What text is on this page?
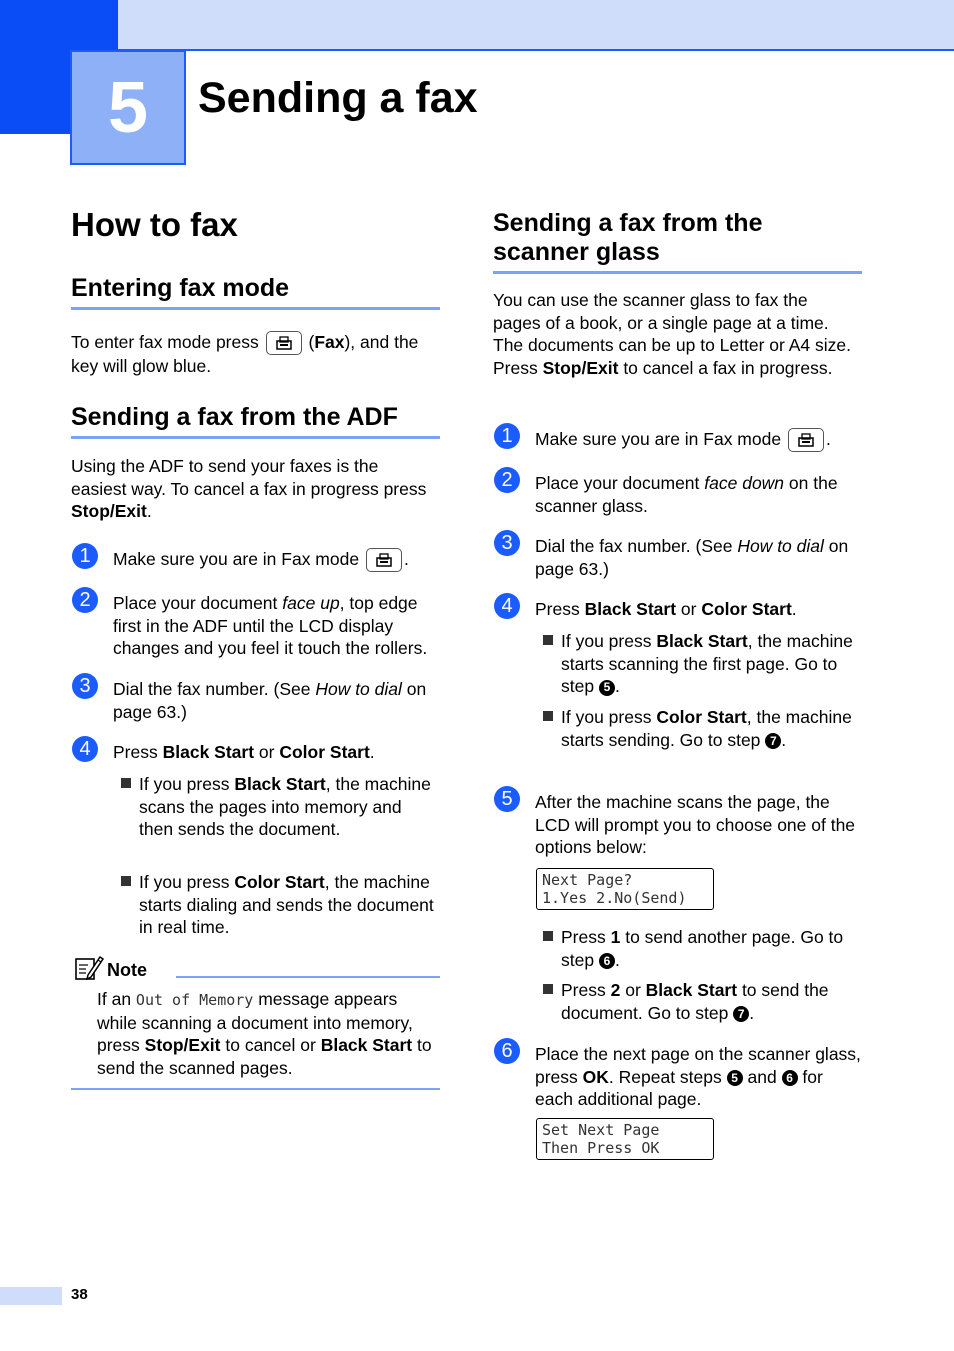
5	Sending a fax
How to fax
Entering fax mode

To enter fax mode press
(Fax), and the
key will glow blue.

Sending a fax from the ADF

Using the ADF to send your faxes is the easiest way. To cancel a fax in progress press Stop/Exit.

1	Make sure you are in Fax mode	.
2	Place your document face up, top edge first in the ADF until the LCD display changes and you feel it touch the rollers.
3	Dial the fax number. (See How to dial on page 63.)
4	Press Black Start or Color Start.
If you press Black Start, the machine scans the pages into memory and then sends the document.
If you press Color Start, the machine starts dialing and sends the document in real time.
Note
If an Out of Memory message appears while scanning a document into memory, press Stop/Exit to cancel or Black Start to send the scanned pages.
Sending a fax from the scanner glass

You can use the scanner glass to fax the pages of a book, or a single page at a time. The documents can be up to Letter or A4 size. Press Stop/Exit to cancel a fax in progress.

1	Make sure you are in Fax mode	.
2	Place your document face down on the scanner glass.
3	Dial the fax number. (See How to dial on page 63.)
4	Press Black Start or Color Start.
If you press Black Start, the machine starts scanning the first page. Go to step 5 .
If you press Color Start, the machine starts sending. Go to step 7 .
5	After the machine scans the page, the LCD will prompt you to choose one of the options below:
Next Page?
1.Yes 2.No(Send)
Press 1 to send another page. Go to step 6 .
Press 2 or Black Start to send the document. Go to step 7 .
6	Place the next page on the scanner glass, press OK. Repeat steps 5 and 6 for each additional page.
Set Next Page
Then Press OK
38
